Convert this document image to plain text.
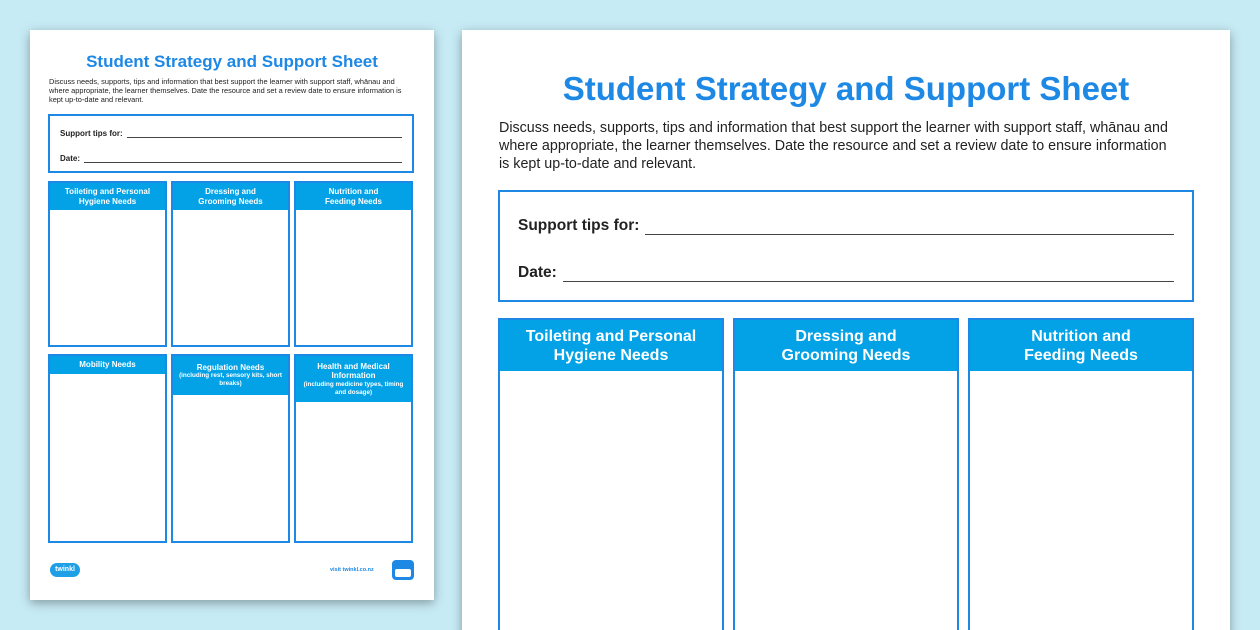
Student Strategy and Support Sheet
Discuss needs, supports, tips and information that best support the learner with support staff, whānau and where appropriate, the learner themselves. Date the resource and set a review date to ensure information is kept up-to-date and relevant.
Support tips for:
Date:
Toileting and Personal
Hygiene Needs
Dressing and
Grooming Needs
Nutrition and
Feeding Needs
Mobility Needs	Regulation Needs
(including rest, sensory kits, short breaks)
Health and Medical
Information
(including medicine types, timing and dosage)
twinkl	visit twinkl.co.nz
Student Strategy and Support Sheet
Discuss needs, supports, tips and information that best support the learner with support staff, whānau and where appropriate, the learner themselves. Date the resource and set a review date to ensure information is kept up-to-date and relevant.
Support tips for:
Date:
Toileting and Personal
Hygiene Needs
Dressing and
Grooming Needs
Nutrition and
Feeding Needs
